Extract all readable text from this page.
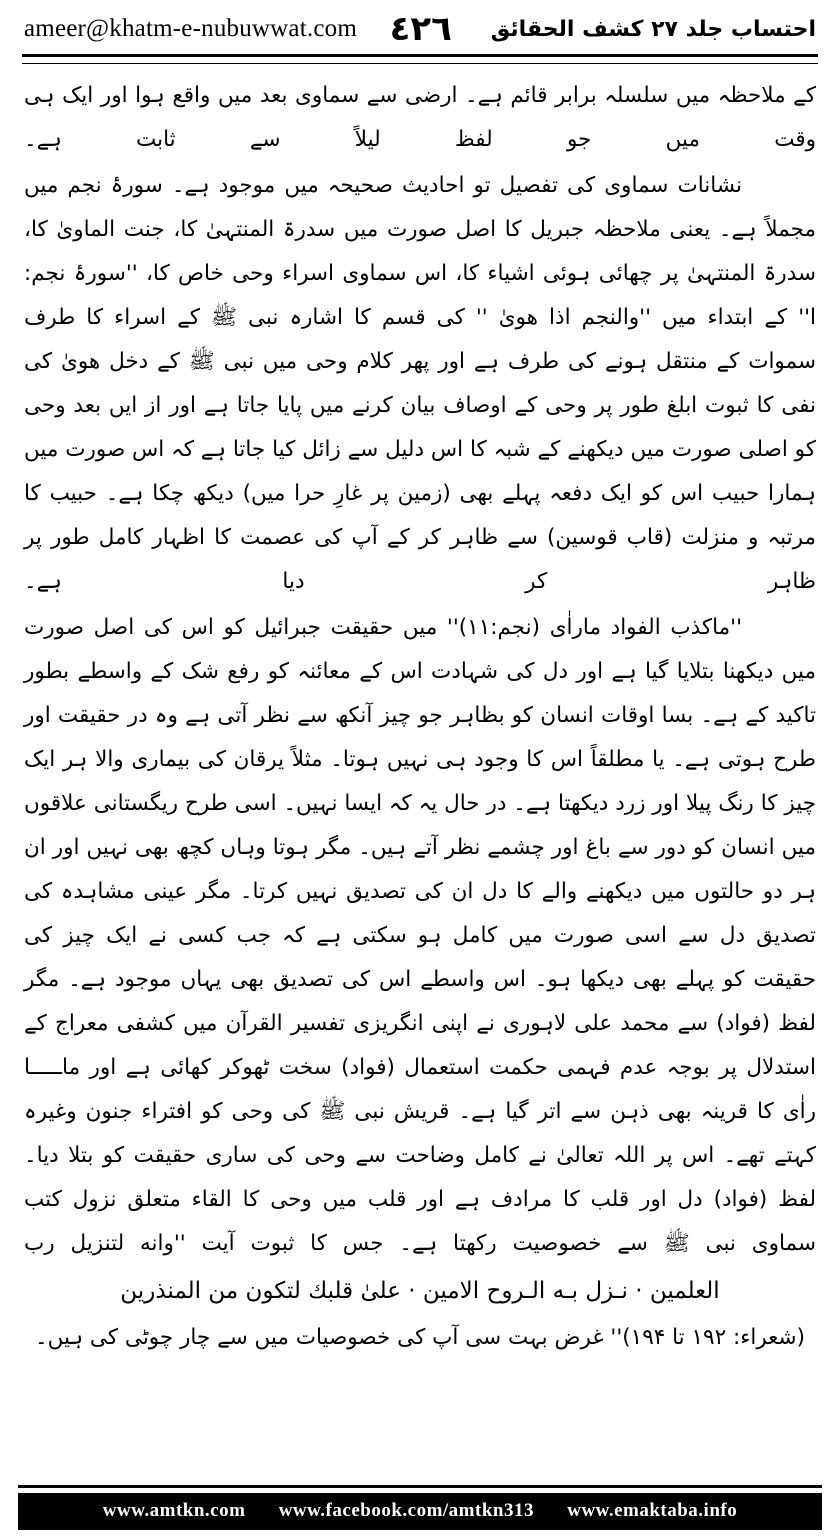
ameer@khatm-e-nubuwwat.com ٤٢٦ احتساب جلد ۲۷ کشف الحقائق

کے ملاحظہ میں سلسلہ برابر قائم ہے۔ ارضی سے سماوی بعد میں واقع ہوا اور ایک ہی وقت میں جو لفظ لیلاً سے ثابت ہے۔

نشانات سماوی کی تفصیل تو احادیث صحیحہ میں موجود ہے۔ سورۂ نجم میں مجملاً ہے۔ یعنی ملاحظہ جبریل کا اصل صورت میں سدرۃ المنتہیٰ کا، جنت الماویٰ کا، سدرۃ المنتہیٰ پر چھائی ہوئی اشیاء کا، اس سماوی اسراء وحی خاص کا، ''سورۂ نجم: ا'' کے ابتداء میں ''والنجم اذا ھویٰ '' کی قسم کا اشارہ نبی ﷺ کے اسراء کا طرف سموات کے منتقل ہونے کی طرف ہے اور پھر کلام وحی میں نبی ﷺ کے دخل ھویٰ کی نفی کا ثبوت ابلغ طور پر وحی کے اوصاف بیان کرنے میں پایا جاتا ہے اور از ایں بعد وحی کو اصلی صورت میں دیکھنے کے شبہ کا اس دلیل سے زائل کیا جاتا ہے کہ اس صورت میں ہمارا حبیب اس کو ایک دفعہ پہلے بھی (زمین پر غارِ حرا میں) دیکھ چکا ہے۔ حبیب کا مرتبہ و منزلت (قاب قوسین) سے ظاہر کر کے آپ کی عصمت کا اظہار کامل طور پر ظاہر کر دیا ہے۔

''ماکذب الفواد ماراٰی (نجم:۱۱)'' میں حقیقت جبرائیل کو اس کی اصل صورت میں دیکھنا بتلایا گیا ہے اور دل کی شہادت اس کے معائنہ کو رفع شک کے واسطے بطور تاکید کے ہے۔ بسا اوقات انسان کو بظاہر جو چیز آنکھ سے نظر آتی ہے وہ در حقیقت اور طرح ہوتی ہے۔ یا مطلقاً اس کا وجود ہی نہیں ہوتا۔ مثلاً یرقان کی بیماری والا ہر ایک چیز کا رنگ پیلا اور زرد دیکھتا ہے۔ در حال یہ کہ ایسا نہیں۔ اسی طرح ریگستانی علاقوں میں انسان کو دور سے باغ اور چشمے نظر آتے ہیں۔ مگر ہوتا وہاں کچھ بھی نہیں اور ان ہر دو حالتوں میں دیکھنے والے کا دل ان کی تصدیق نہیں کرتا۔ مگر عینی مشاہدہ کی تصدیق دل سے اسی صورت میں کامل ہو سکتی ہے کہ جب کسی نے ایک چیز کی حقیقت کو پہلے بھی دیکھا ہو۔ اس واسطے اس کی تصدیق بھی یہاں موجود ہے۔ مگر لفظ (فواد) سے محمد علی لاہوری نے اپنی انگریزی تفسیر القرآن میں کشفی معراج کے استدلال پر بوجہ عدم فہمی حکمت استعمال (فواد) سخت ٹھوکر کھائی ہے اور ماـــــا راٰی کا قرینہ بھی ذہن سے اتر گیا ہے۔ قریش نبی ﷺ کی وحی کو افتراء جنون وغیرہ کہتے تھے۔ اس پر اللہ تعالیٰ نے کامل وضاحت سے وحی کی ساری حقیقت کو بتلا دیا۔ لفظ (فواد) دل اور قلب کا مرادف ہے اور قلب میں وحی کا القاء متعلق نزول کتب سماوی نبی ﷺ سے خصوصیت رکھتا ہے۔ جس کا ثبوت آیت ''وانه لتنزیل رب

العلمین · نـزل بـه الـروح الامین · علیٰ قلبك لتكون من المنذرین

(شعراء: ۱۹۲ تا ۱۹۴)'' غرض بہت سی آپ کی خصوصیات میں سے چار چوٹی کی ہیں۔

www.amtkn.com www.facebook.com/amtkn313 www.emaktaba.info
